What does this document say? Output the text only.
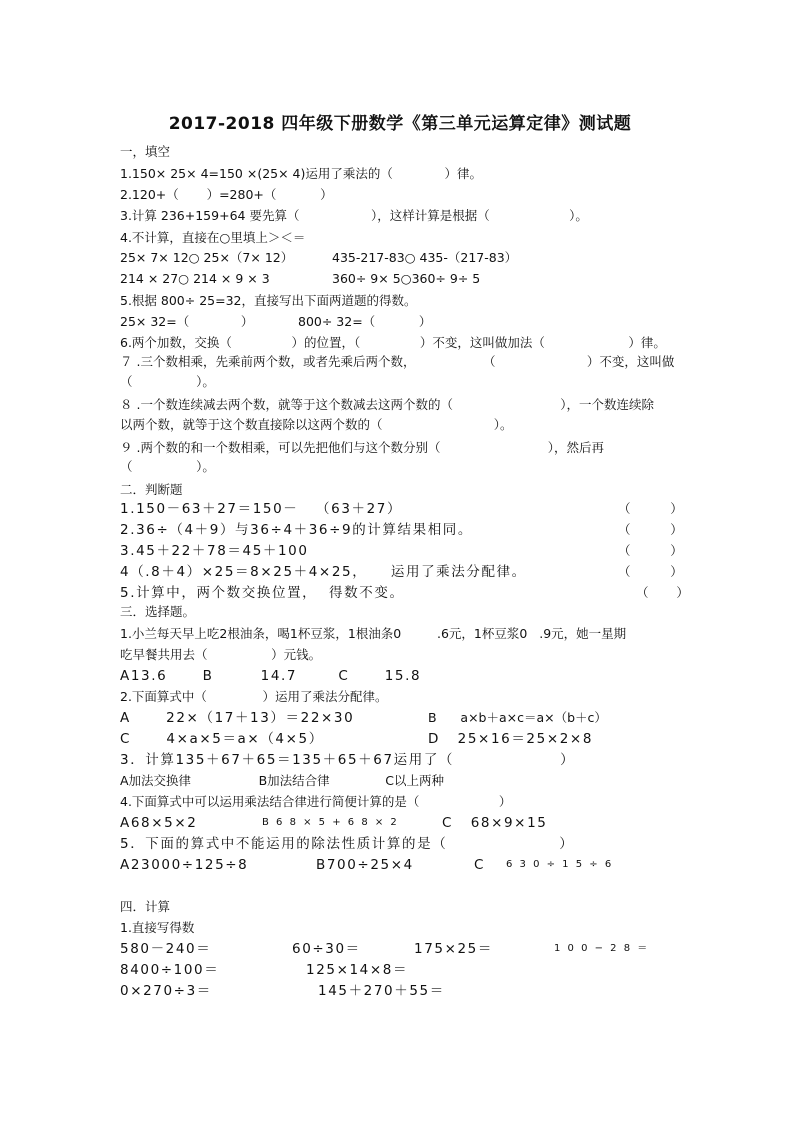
2017-2018 四年级下册数学《第三单元运算定律》测试题
一，填空
1.150× 25× 4=150 ×(25× 4)运用了乘法的（             ）律。
2.120+（       ）=280+（           ）
3.计算 236+159+64 要先算（                  ），这样计算是根据（                    ）。
4.不计算，直接在○里填上＞＜＝
25× 7× 12○ 25×（7× 12）	435-217-83○ 435-（217-83）
214 × 27○ 214 × 9 × 3	360÷ 9× 5○360÷ 9÷ 5
5.根据 800÷ 25=32，直接写出下面两道题的得数。
25× 32=（             ）	800÷ 32=（           ）
6.两个加数，交换（               ）的位置，（               ）不变，这叫做加法（                     ）律。
７ .三个数相乘，先乘前两个数，或者先乘后两个数，                 （                       ）不变，这叫做
（                ）。
８ .一个数连续减去两个数，就等于这个数减去这两个数的（                           ），一个数连续除
以两个数，就等于这个数直接除以这两个数的（                            ）。
９ .两个数的和一个数相乘，可以先把他们与这个数分别（                           ），然后再
（                ）。
二．判断题
1.150－63＋27＝150－   （63＋27）	（          ）
2.36÷（4＋9）与36÷4＋36÷9的计算结果相同。	（          ）
3.45＋22＋78＝45＋100	（          ）
4（.8＋4）×25＝8×25＋4×25，    运用了乘法分配律。	（          ）
5.计算中，两个数交换位置，  得数不变。	（       ）
三．选择题。
1.小兰每天早上吃2根油条，喝1杯豆浆，1根油条0         .6元，1杯豆浆0   .9元，她一星期
吃早餐共用去（                ）元钱。
A13.6      B        14.7       C      15.8
2.下面算式中（              ）运用了乘法分配律。
A      22×（17＋13）＝22×30	B      a×b＋a×c＝a×（b＋c）
C      4×a×5＝a×（4×5）	D   25×16＝25×2×8
3．计算135＋67＋65＝135＋65＋67运用了（                  ）
A加法交换律                 B加法结合律              C以上两种
4.下面算式中可以运用乘法结合律进行简便计算的是（                    ）
A68×5×2	B 6 8 × 5 + 6 8 × 2	C   68×9×15
5．下面的算式中不能运用的除法性质计算的是（                   ）
A23000÷125÷8	B700÷25×4	C 6 3 0 ÷ 1 5 ÷ 6
四．计算
1.直接写得数
580－240＝	60÷30＝	175×25＝	1 0 0 − 2 8 ＝
8400÷100＝	125×14×8＝
0×270÷3＝	145＋270＋55＝
